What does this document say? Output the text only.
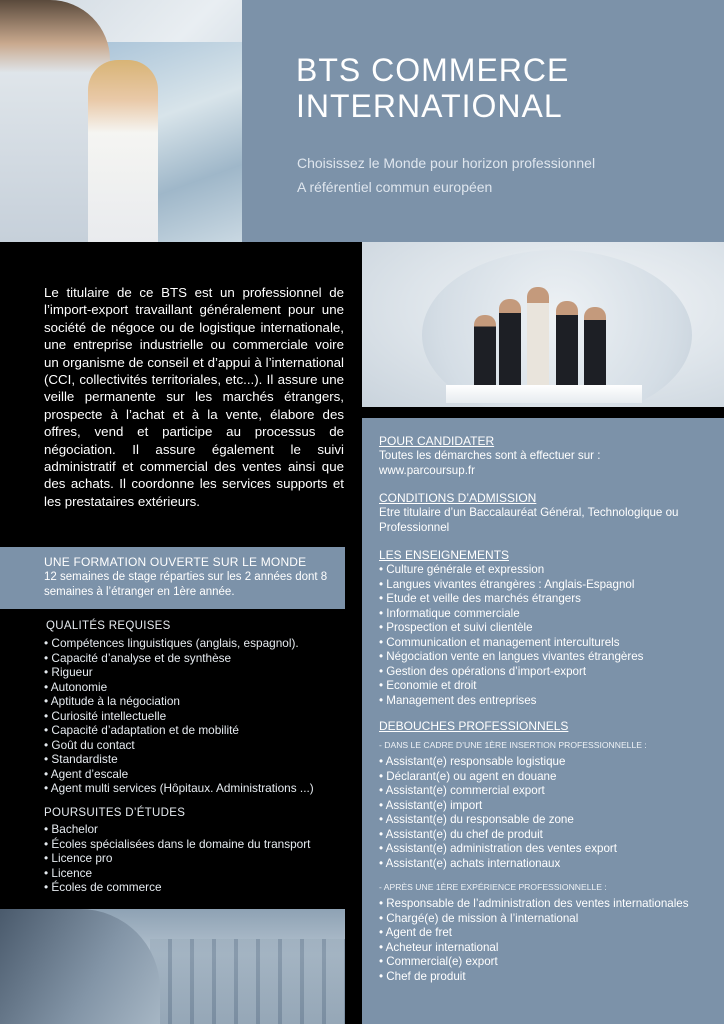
BTS COMMERCE
INTERNATIONAL
Choisissez le Monde pour horizon professionnel
A référentiel commun européen

Le titulaire de ce BTS est un professionnel de l’import-export travaillant généralement pour une société de négoce ou de logistique internationale, une entreprise industrielle ou commerciale voire un organisme de conseil et d’appui à l’international (CCI, collectivités territoriales, etc...). Il assure une veille permanente sur les marchés étrangers, prospecte à l’achat et à la vente, élabore des offres, vend et participe au processus de négociation. Il assure également le suivi administratif et commercial des ventes ainsi que des achats. Il coordonne les services supports et les prestataires extérieurs.

UNE FORMATION OUVERTE SUR LE MONDE
12 semaines de stage réparties sur les 2 années dont 8 semaines à l’étranger en 1ère année.
QUALITÉS REQUISES
• Compétences linguistiques (anglais, espagnol).
• Capacité d’analyse et de synthèse
• Rigueur
• Autonomie
• Aptitude à la négociation
• Curiosité intellectuelle
• Capacité d’adaptation et de mobilité
• Goût du contact
• Standardiste
• Agent d’escale
• Agent multi services (Hôpitaux. Administrations ...)
POURSUITES D’ÉTUDES
• Bachelor
• Écoles spécialisées dans le domaine du transport
• Licence pro
• Licence
• Écoles de commerce
POUR CANDIDATER
Toutes les démarches sont à effectuer sur :
www.parcoursup.fr
CONDITIONS D’ADMISSION
Etre titulaire d’un Baccalauréat Général, Technologique ou Professionnel
LES ENSEIGNEMENTS
• Culture générale et expression
• Langues vivantes étrangères : Anglais-Espagnol
• Etude et veille des marchés étrangers
• Informatique commerciale
• Prospection et suivi clientèle
• Communication et management interculturels
• Négociation vente en langues vivantes étrangères
• Gestion des opérations d’import-export
• Economie et droit
• Management des entreprises
DEBOUCHES PROFESSIONNELS
- DANS LE CADRE D’UNE 1ÈRE INSERTION PROFESSIONNELLE :
• Assistant(e) responsable logistique
• Déclarant(e) ou agent en douane
• Assistant(e) commercial export
• Assistant(e) import
• Assistant(e) du responsable de zone
• Assistant(e) du chef de produit
• Assistant(e) administration des ventes export
• Assistant(e) achats internationaux
- APRÈS UNE 1ÈRE EXPÉRIENCE PROFESSIONNELLE :
• Responsable de l’administration des ventes internationales
• Chargé(e) de mission à l’international
• Agent de fret
• Acheteur international
• Commercial(e) export
• Chef de produit
